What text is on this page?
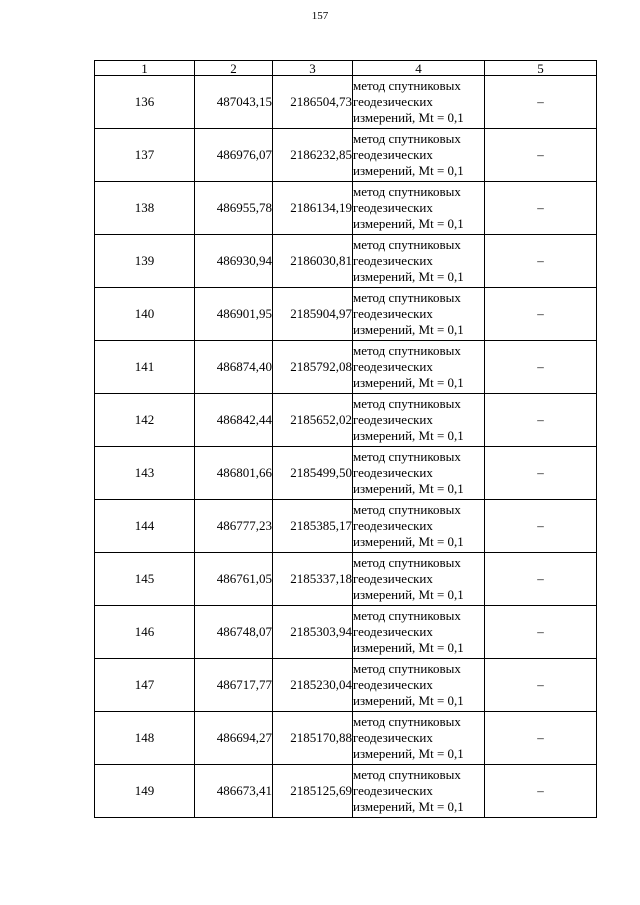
157
1	2	3	4	5
136	487043,15	2186504,73	метод спутниковых
геодезических
измерений, Mt = 0,1	–
137	486976,07	2186232,85	метод спутниковых
геодезических
измерений, Mt = 0,1	–
138	486955,78	2186134,19	метод спутниковых
геодезических
измерений, Mt = 0,1	–
139	486930,94	2186030,81	метод спутниковых
геодезических
измерений, Mt = 0,1	–
140	486901,95	2185904,97	метод спутниковых
геодезических
измерений, Mt = 0,1	–
141	486874,40	2185792,08	метод спутниковых
геодезических
измерений, Mt = 0,1	–
142	486842,44	2185652,02	метод спутниковых
геодезических
измерений, Mt = 0,1	–
143	486801,66	2185499,50	метод спутниковых
геодезических
измерений, Mt = 0,1	–
144	486777,23	2185385,17	метод спутниковых
геодезических
измерений, Mt = 0,1	–
145	486761,05	2185337,18	метод спутниковых
геодезических
измерений, Mt = 0,1	–
146	486748,07	2185303,94	метод спутниковых
геодезических
измерений, Mt = 0,1	–
147	486717,77	2185230,04	метод спутниковых
геодезических
измерений, Mt = 0,1	–
148	486694,27	2185170,88	метод спутниковых
геодезических
измерений, Mt = 0,1	–
149	486673,41	2185125,69	метод спутниковых
геодезических
измерений, Mt = 0,1	–
